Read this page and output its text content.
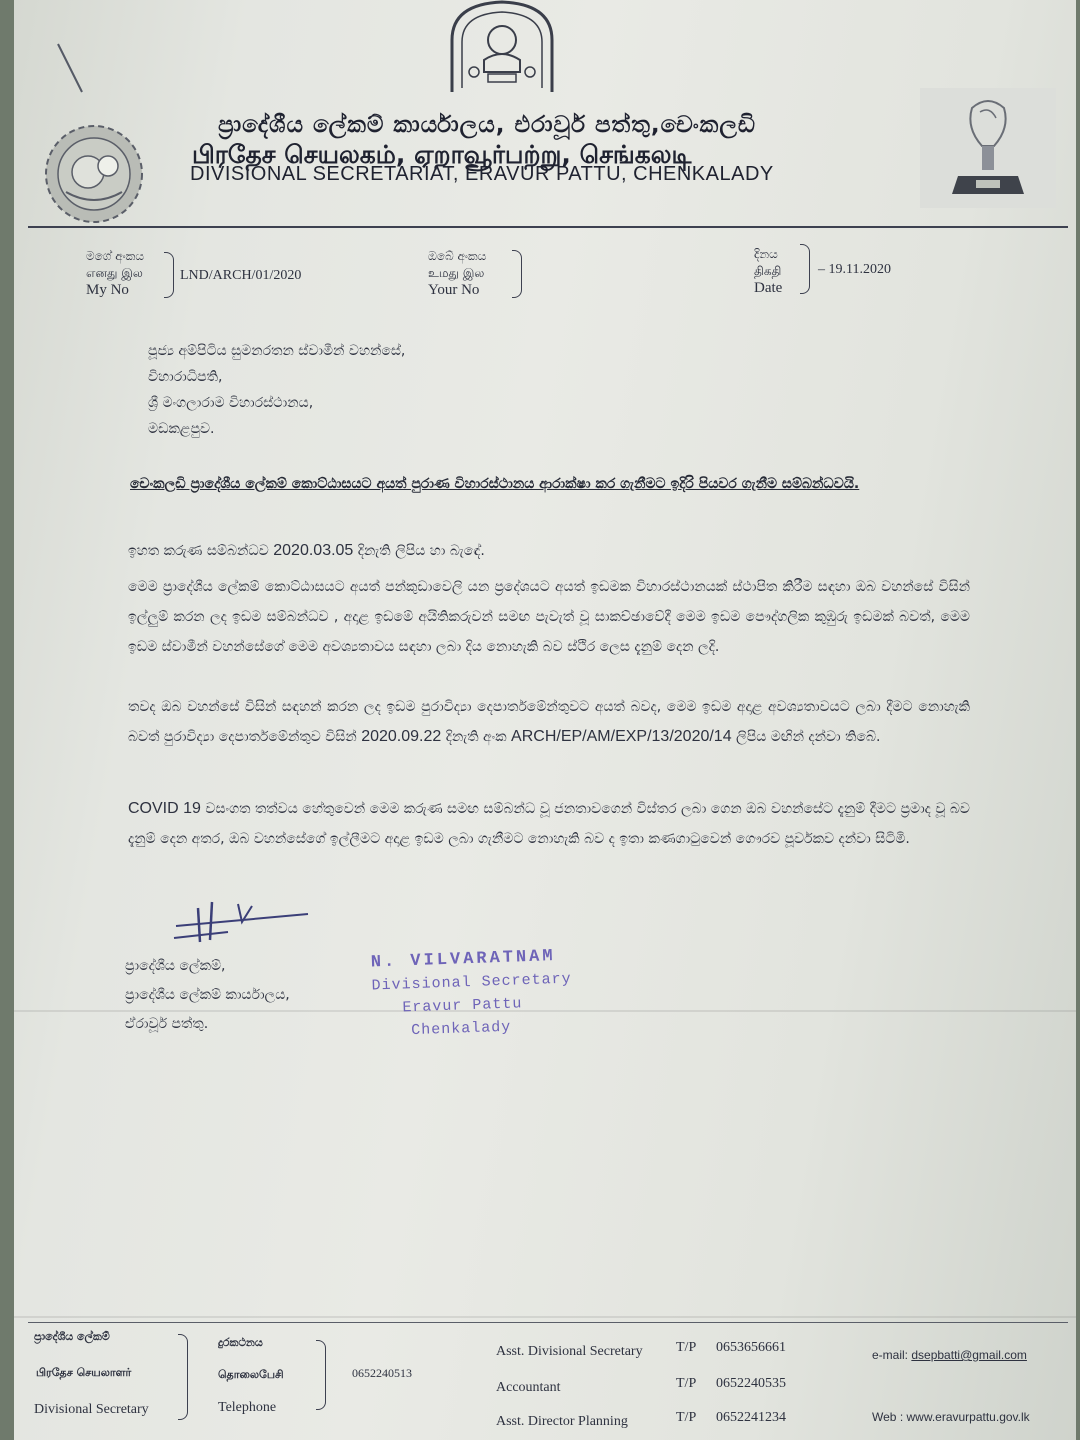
ප්‍රාදේශීය ලේකම් කාර්යාලය, එරාවූර් පත්තු,චෙංකලඩි
பிரதேச செயலகம், ஏறாவூர்பற்று, செங்கலடி
DIVISIONAL SECRETARIAT, ERAVUR PATTU, CHENKALADY
මගේ අංකය
எனது இல
My No
LND/ARCH/01/2020
ඔබේ අංකය
உமது இல
Your No
දිනය
திகதி
Date
– 19.11.2020
පූජ්‍ය අම්පිටිය සුමනරතන ස්වාමීන් වහන්සේ,
විහාරාධිපති,
ශ්‍රී මංගලාරාම විහාරස්ථානය,
මඩකළපුව.
චෙංකලඩි ප්‍රාදේශීය ලේකම් කොට්ඨාසයට අයත් පුරාණ විහාරස්ථානය ආරාක්ෂා කර ගැනීමට ඉදිරි පියවර ගැනීම සම්බන්ධවයි.
ඉහත කරුණ සම්බන්ධව 2020.03.05 දිනැති ලිපිය හා බැඳේ.
මෙම ප්‍රාදේශීය ලේකම් කොට්ඨාසයට අයත් පන්කුඩාවෙලි යන ප්‍රදේශයට අයත් ඉඩමක විහාරස්ථානයක් ස්ථාපිත කිරීම සඳහා ඔබ වහන්සේ විසින් ඉල්ලුම් කරන ලද ඉඩම සම්බන්ධව , අදාළ ඉඩමේ අයිතිකරුවන් සමඟ පැවැත් වූ සාකච්ඡාවේදී මෙම ඉඩම පෞද්ගලික කුඹුරු ඉඩමක් බවත්, මෙම ඉඩම ස්වාමීන් වහන්සේගේ මෙම අවශ්‍යතාවය සඳහා ලබා දිය නොහැකි බව ස්ථිර ලෙස දැනුම් දෙන ලදි.
තවද ඔබ වහන්සේ විසින් සඳහන් කරන ලද ඉඩම පුරාවිද්‍යා දෙපාර්තමේන්තුවට අයත් බවද, මෙම ඉඩම අදාළ අවශ්‍යතාවයට ලබා දීමට නොහැකි බවත් පුරාවිද්‍යා දෙපාර්තමේන්තුව විසින් 2020.09.22 දිනැති අංක ARCH/EP/AM/EXP/13/2020/14 ලිපිය මඟින් දන්වා තිබේ.
COVID 19 වසංගත තත්වය හේතුවෙන් මෙම කරුණ සමඟ සම්බන්ධ වූ ජනතාවගෙන් විස්තර ලබා ගෙන ඔබ වහන්සේට දැනුම් දීමට ප්‍රමාද වූ බව දැනුම් දෙන අතර, ඔබ වහන්සේගේ ඉල්ලීමට අදාළ ඉඩම ලබා ගැනීමට නොහැකි බව ද ඉතා කණගාටුවෙන් ගෞරව පූර්වකව දන්වා සිටිමි.
ප්‍රාදේශීය ලේකම්,
ප්‍රාදේශීය ලේකම් කාර්යාලය,
ඒරාවූර් පත්තු.
N. VILVARATNAM
Divisional Secretary
Eravur Pattu
Chenkalady
ප්‍රාදේශීය ලේකම්
பிரதேச செயலாளர்
Divisional Secretary
දුරකථනය
தொலைபேசி
Telephone
0652240513
Asst. Divisional Secretary T/P 0653656661
Accountant	T/P 0652240535
Asst. Director Planning	T/P 0652241234
e-mail: dsepbatti@gmail.com
Web : www.eravurpattu.gov.lk
